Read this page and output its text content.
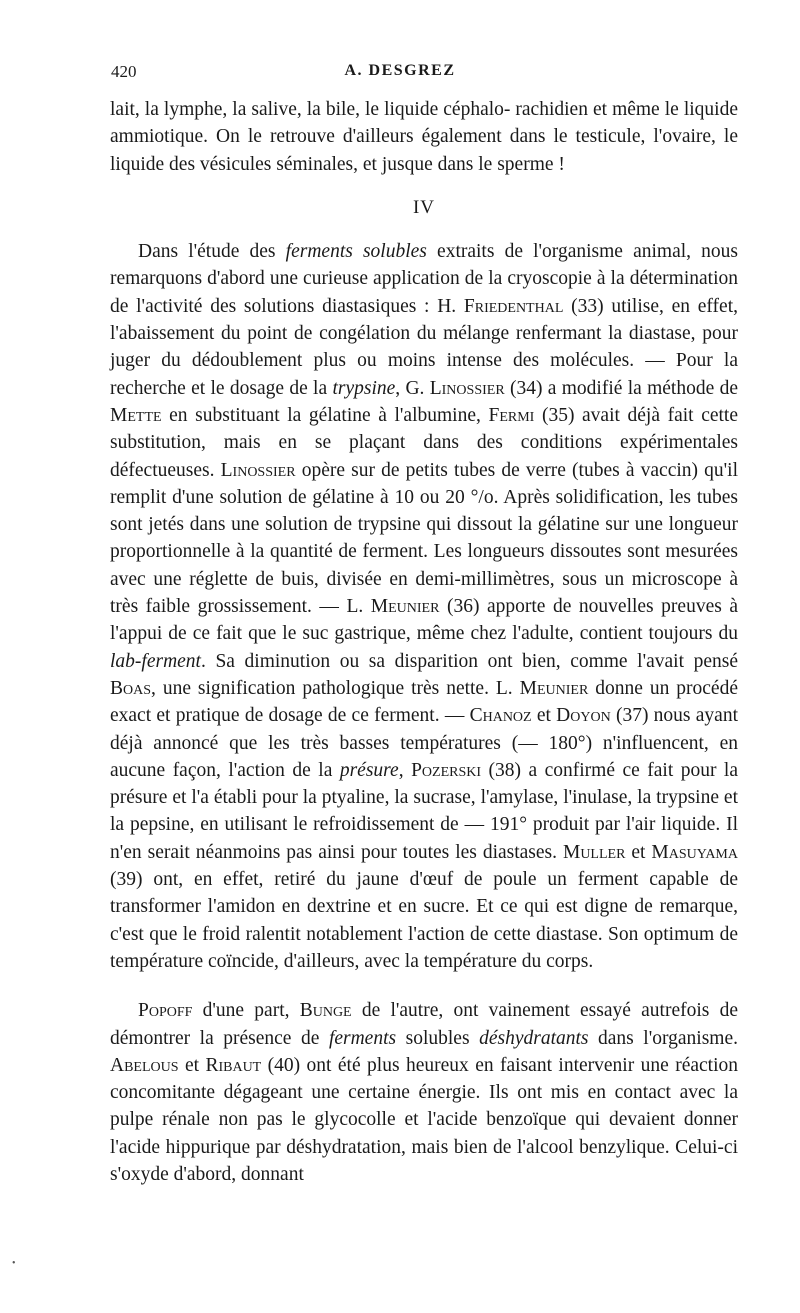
420	A. DESGREZ

lait, la lymphe, la salive, la bile, le liquide céphalo- rachidien et même le liquide ammiotique. On le retrouve d'ailleurs également dans le testicule, l'ovaire, le liquide des vésicules séminales, et jusque dans le sperme !

IV

Dans l'étude des ferments solubles extraits de l'organisme animal, nous remarquons d'abord une curieuse application de la cryoscopie à la détermination de l'activité des solutions diastasiques : H. Friedenthal (33) utilise, en effet, l'abaissement du point de congélation du mélange renfermant la diastase, pour juger du dédoublement plus ou moins intense des molécules. — Pour la recherche et le dosage de la trypsine, G. Linossier (34) a modifié la méthode de Mette en substituant la gélatine à l'albumine, Fermi (35) avait déjà fait cette substitution, mais en se plaçant dans des conditions expérimentales défectueuses. Linossier opère sur de petits tubes de verre (tubes à vaccin) qu'il remplit d'une solution de gélatine à 10 ou 20 °/o. Après solidification, les tubes sont jetés dans une solution de trypsine qui dissout la gélatine sur une longueur proportionnelle à la quantité de ferment. Les longueurs dissoutes sont mesurées avec une réglette de buis, divisée en demi-millimètres, sous un microscope à très faible grossissement. — L. Meunier (36) apporte de nouvelles preuves à l'appui de ce fait que le suc gastrique, même chez l'adulte, contient toujours du lab-ferment. Sa diminution ou sa disparition ont bien, comme l'avait pensé Boas, une signification pathologique très nette. L. Meunier donne un procédé exact et pratique de dosage de ce ferment. — Chanoz et Doyon (37) nous ayant déjà annoncé que les très basses températures (— 180°) n'influencent, en aucune façon, l'action de la présure, Pozerski (38) a confirmé ce fait pour la présure et l'a établi pour la ptyaline, la sucrase, l'amylase, l'inulase, la trypsine et la pepsine, en utilisant le refroidissement de — 191° produit par l'air liquide. Il n'en serait néanmoins pas ainsi pour toutes les diastases. Muller et Masuyama (39) ont, en effet, retiré du jaune d'œuf de poule un ferment capable de transformer l'amidon en dextrine et en sucre. Et ce qui est digne de remarque, c'est que le froid ralentit notablement l'action de cette diastase. Son optimum de température coïncide, d'ailleurs, avec la température du corps.

Popoff d'une part, Bunge de l'autre, ont vainement essayé autrefois de démontrer la présence de ferments solubles déshydratants dans l'organisme. Abelous et Ribaut (40) ont été plus heureux en faisant intervenir une réaction concomitante dégageant une certaine énergie. Ils ont mis en contact avec la pulpe rénale non pas le glycocolle et l'acide benzoïque qui devaient donner l'acide hippurique par déshydratation, mais bien de l'alcool benzylique. Celui-ci s'oxyde d'abord, donnant

•
